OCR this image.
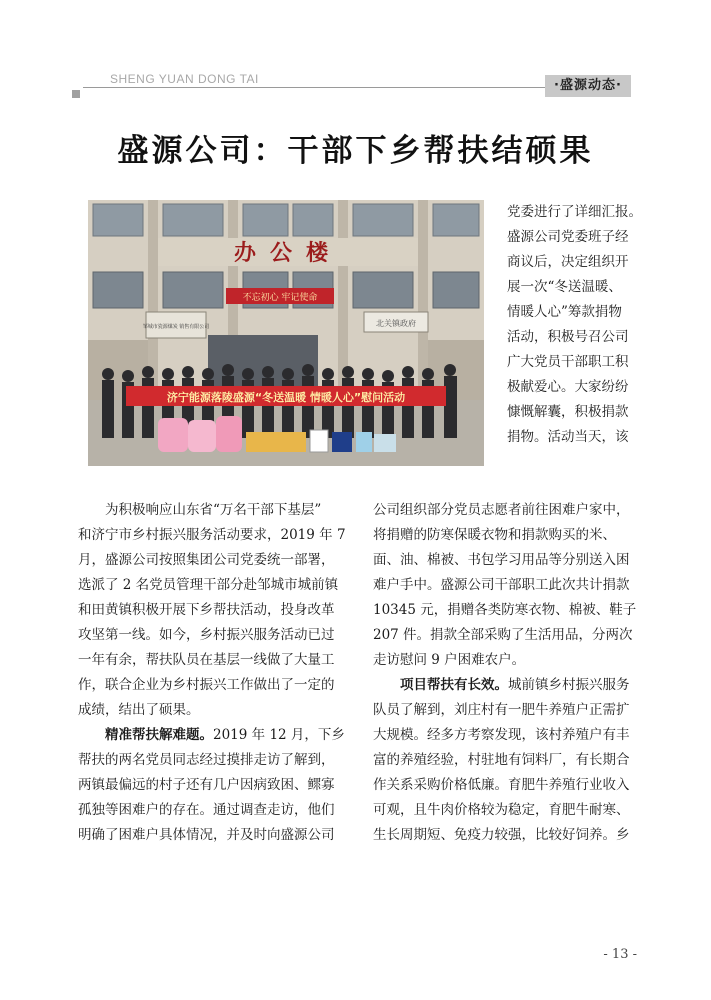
SHENG YUAN DONG TAI	·盛源动态·
盛源公司：干部下乡帮扶结硕果
办公楼
不忘初心 牢记使命
邹城市瓷源煤炭 销售有限公司	北关镇政府
济宁能源落陵盛源“冬送温暖 情暖人心”慰问活动
党委进行了详细汇报。
盛源公司党委班子经
商议后，决定组织开
展一次“冬送温暖、
情暖人心”筹款捐物
活动，积极号召公司
广大党员干部职工积
极献爱心。大家纷纷
慷慨解囊，积极捐款
捐物。活动当天，该
为积极响应山东省“万名干部下基层”
和济宁市乡村振兴服务活动要求，2019 年 7
月，盛源公司按照集团公司党委统一部署，
选派了 2 名党员管理干部分赴邹城市城前镇
和田黄镇积极开展下乡帮扶活动，投身改革
攻坚第一线。如今，乡村振兴服务活动已过
一年有余，帮扶队员在基层一线做了大量工
作，联合企业为乡村振兴工作做出了一定的
成绩，结出了硕果。
精准帮扶解难题。2019 年 12 月，下乡
帮扶的两名党员同志经过摸排走访了解到，
两镇最偏远的村子还有几户因病致困、鳏寡
孤独等困难户的存在。通过调查走访，他们
明确了困难户具体情况，并及时向盛源公司
公司组织部分党员志愿者前往困难户家中，
将捐赠的防寒保暖衣物和捐款购买的米、
面、油、棉被、书包学习用品等分别送入困
难户手中。盛源公司干部职工此次共计捐款
10345 元，捐赠各类防寒衣物、棉被、鞋子
207 件。捐款全部采购了生活用品，分两次
走访慰问 9 户困难农户。
项目帮扶有长效。城前镇乡村振兴服务
队员了解到，刘庄村有一肥牛养殖户正需扩
大规模。经多方考察发现，该村养殖户有丰
富的养殖经验，村驻地有饲料厂，有长期合
作关系采购价格低廉。育肥牛养殖行业收入
可观，且牛肉价格较为稳定，育肥牛耐寒、
生长周期短、免疫力较强，比较好饲养。乡
- 13 -
